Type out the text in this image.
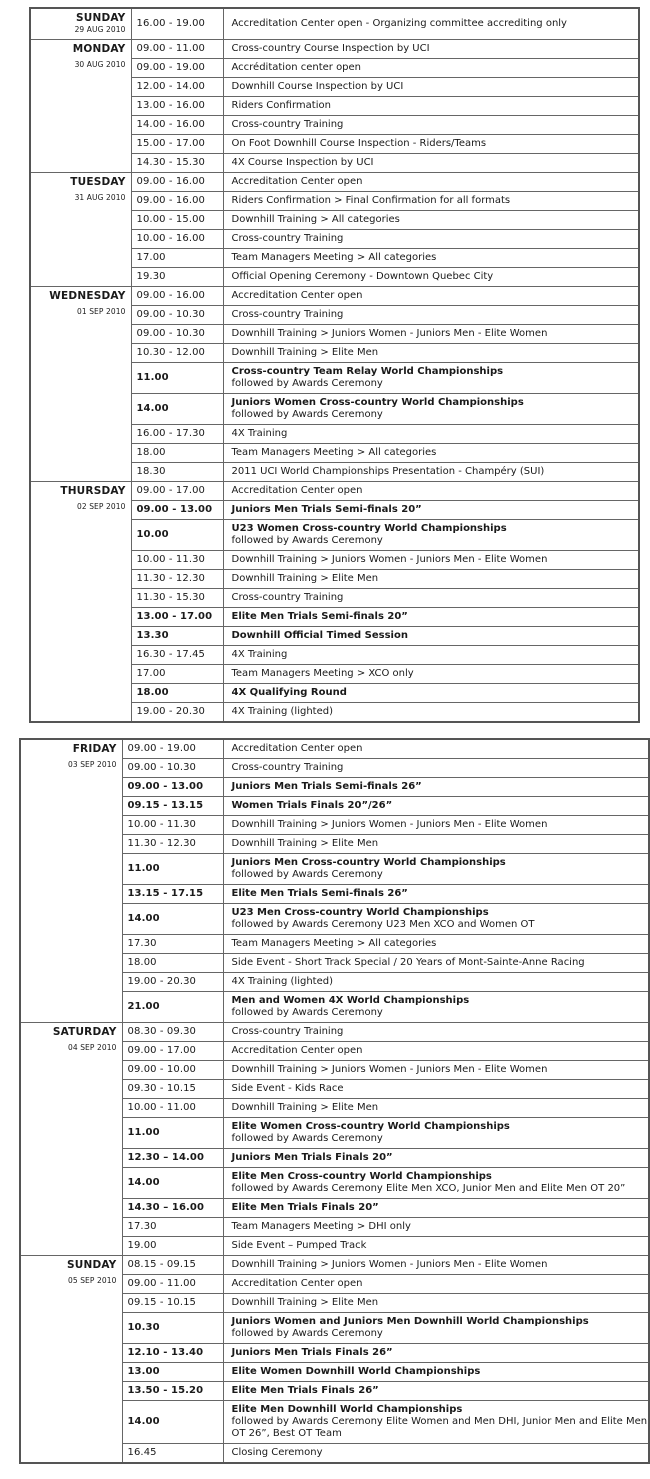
SUNDAY
29 AUG 2010	16.00 - 19.00	Accreditation Center open - Organizing committee accrediting only

MONDAY
30 AUG 2010	09.00 - 11.00	Cross-country Course Inspection by UCI

	09.00 - 19.00	Accréditation center open

	12.00 - 14.00	Downhill Course Inspection by UCI

	13.00 - 16.00	Riders Confirmation

	14.00 - 16.00	Cross-country Training

	15.00 - 17.00	On Foot Downhill Course Inspection - Riders/Teams

	14.30 - 15.30	4X Course Inspection by UCI

TUESDAY
31 AUG 2010	09.00 - 16.00	Accreditation Center open

	09.00 - 16.00	Riders Confirmation > Final Confirmation for all formats

	10.00 - 15.00	Downhill Training > All categories

	10.00 - 16.00	Cross-country Training

	17.00	Team Managers Meeting > All categories

	19.30	Official Opening Ceremony - Downtown Quebec City

WEDNESDAY
01 SEP 2010	09.00 - 16.00	Accreditation Center open

	09.00 - 10.30	Cross-country Training

	09.00 - 10.30	Downhill Training > Juniors Women - Juniors Men - Elite Women

	10.30 - 12.00	Downhill Training > Elite Men

	11.00	Cross-country Team Relay World Championships
followed by Awards Ceremony

	14.00	Juniors Women Cross-country World Championships
followed by Awards Ceremony

	16.00 - 17.30	4X Training

	18.00	Team Managers Meeting > All categories

	18.30	2011 UCI World Championships Presentation - Champéry (SUI)

THURSDAY
02 SEP 2010	09.00 - 17.00	Accreditation Center open

	09.00 - 13.00	Juniors Men Trials Semi-finals 20”

	10.00	U23 Women Cross-country World Championships
followed by Awards Ceremony

	10.00 - 11.30	Downhill Training > Juniors Women - Juniors Men - Elite Women

	11.30 - 12.30	Downhill Training > Elite Men

	11.30 - 15.30	Cross-country Training

	13.00 - 17.00	Elite Men Trials Semi-finals 20”

	13.30	Downhill Official Timed Session

	16.30 - 17.45	4X Training

	17.00	Team Managers Meeting > XCO only

	18.00	4X Qualifying Round

	19.00 - 20.30	4X Training (lighted)
FRIDAY
03 SEP 2010	09.00 - 19.00	Accreditation Center open

	09.00 - 10.30	Cross-country Training

	09.00 - 13.00	Juniors Men Trials Semi-finals 26”

	09.15 - 13.15	Women Trials Finals 20”/26”

	10.00 - 11.30	Downhill Training > Juniors Women - Juniors Men - Elite Women

	11.30 - 12.30	Downhill Training > Elite Men

	11.00	Juniors Men Cross-country World Championships
followed by Awards Ceremony

	13.15 - 17.15	Elite Men Trials Semi-finals 26”

	14.00	U23 Men Cross-country World Championships
followed by Awards Ceremony U23 Men XCO and Women OT

	17.30	Team Managers Meeting > All categories

	18.00	Side Event - Short Track Special / 20 Years of Mont-Sainte-Anne Racing

	19.00 - 20.30	4X Training (lighted)

	21.00	Men and Women 4X World Championships
followed by Awards Ceremony

SATURDAY
04 SEP 2010	08.30 - 09.30	Cross-country Training

	09.00 - 17.00	Accreditation Center open

	09.00 - 10.00	Downhill Training > Juniors Women - Juniors Men - Elite Women

	09.30 - 10.15	Side Event - Kids Race

	10.00 - 11.00	Downhill Training > Elite Men

	11.00	Elite Women Cross-country World Championships
followed by Awards Ceremony

	12.30 – 14.00	Juniors Men Trials Finals 20”

	14.00	Elite Men Cross-country World Championships
followed by Awards Ceremony Elite Men XCO, Junior Men and Elite Men OT 20”

	14.30 – 16.00	Elite Men Trials Finals 20”

	17.30	Team Managers Meeting > DHI only

	19.00	Side Event – Pumped Track

SUNDAY
05 SEP 2010	08.15 - 09.15	Downhill Training > Juniors Women - Juniors Men - Elite Women

	09.00 - 11.00	Accreditation Center open

	09.15 - 10.15	Downhill Training > Elite Men

	10.30	Juniors Women and Juniors Men Downhill World Championships
followed by Awards Ceremony

	12.10 - 13.40	Juniors Men Trials Finals 26”

	13.00	Elite Women Downhill World Championships

	13.50 - 15.20	Elite Men Trials Finals 26”

	14.00	Elite Men Downhill World Championships
followed by Awards Ceremony Elite Women and Men DHI, Junior Men and Elite Men OT 26”, Best OT Team

	16.45	Closing Ceremony
